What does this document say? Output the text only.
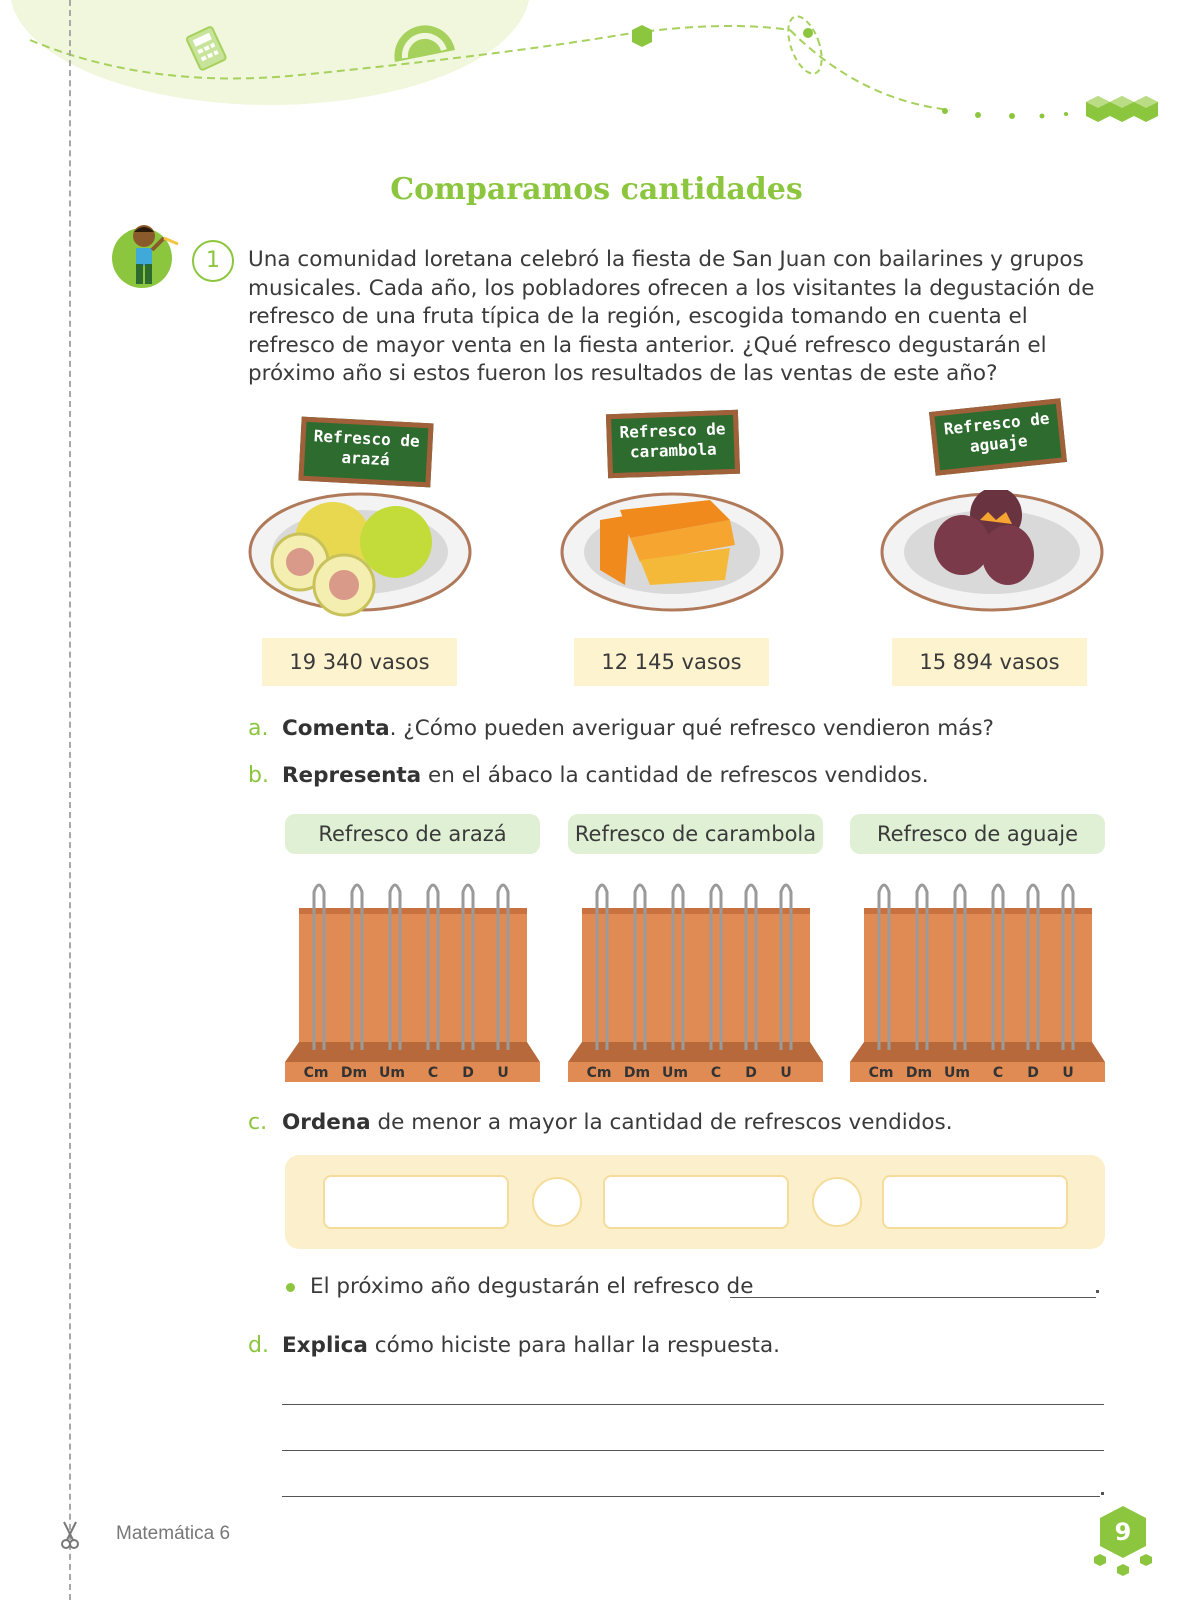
Comparamos cantidades
1	Una comunidad loretana celebró la fiesta de San Juan con bailarines y grupos musicales. Cada año, los pobladores ofrecen a los visitantes la degustación de refresco de una fruta típica de la región, escogida tomando en cuenta el refresco de mayor venta en la fiesta anterior. ¿Qué refresco degustarán el próximo año si estos fueron los resultados de las ventas de este año?
Refresco de arazá
Refresco de carambola
Refresco de aguaje
19 340 vasos	12 145 vasos	15 894 vasos
a. Comenta. ¿Cómo pueden averiguar qué refresco vendieron más?
b. Representa en el ábaco la cantidad de refrescos vendidos.
Refresco de arazá	Refresco de carambola	Refresco de aguaje
Cm Dm Um C D U	Cm Dm Um C D U	Cm Dm Um C D U
c. Ordena de menor a mayor la cantidad de refrescos vendidos.
El próximo año degustarán el refresco de
d. Explica cómo hiciste para hallar la respuesta.
Matemática 6	9
